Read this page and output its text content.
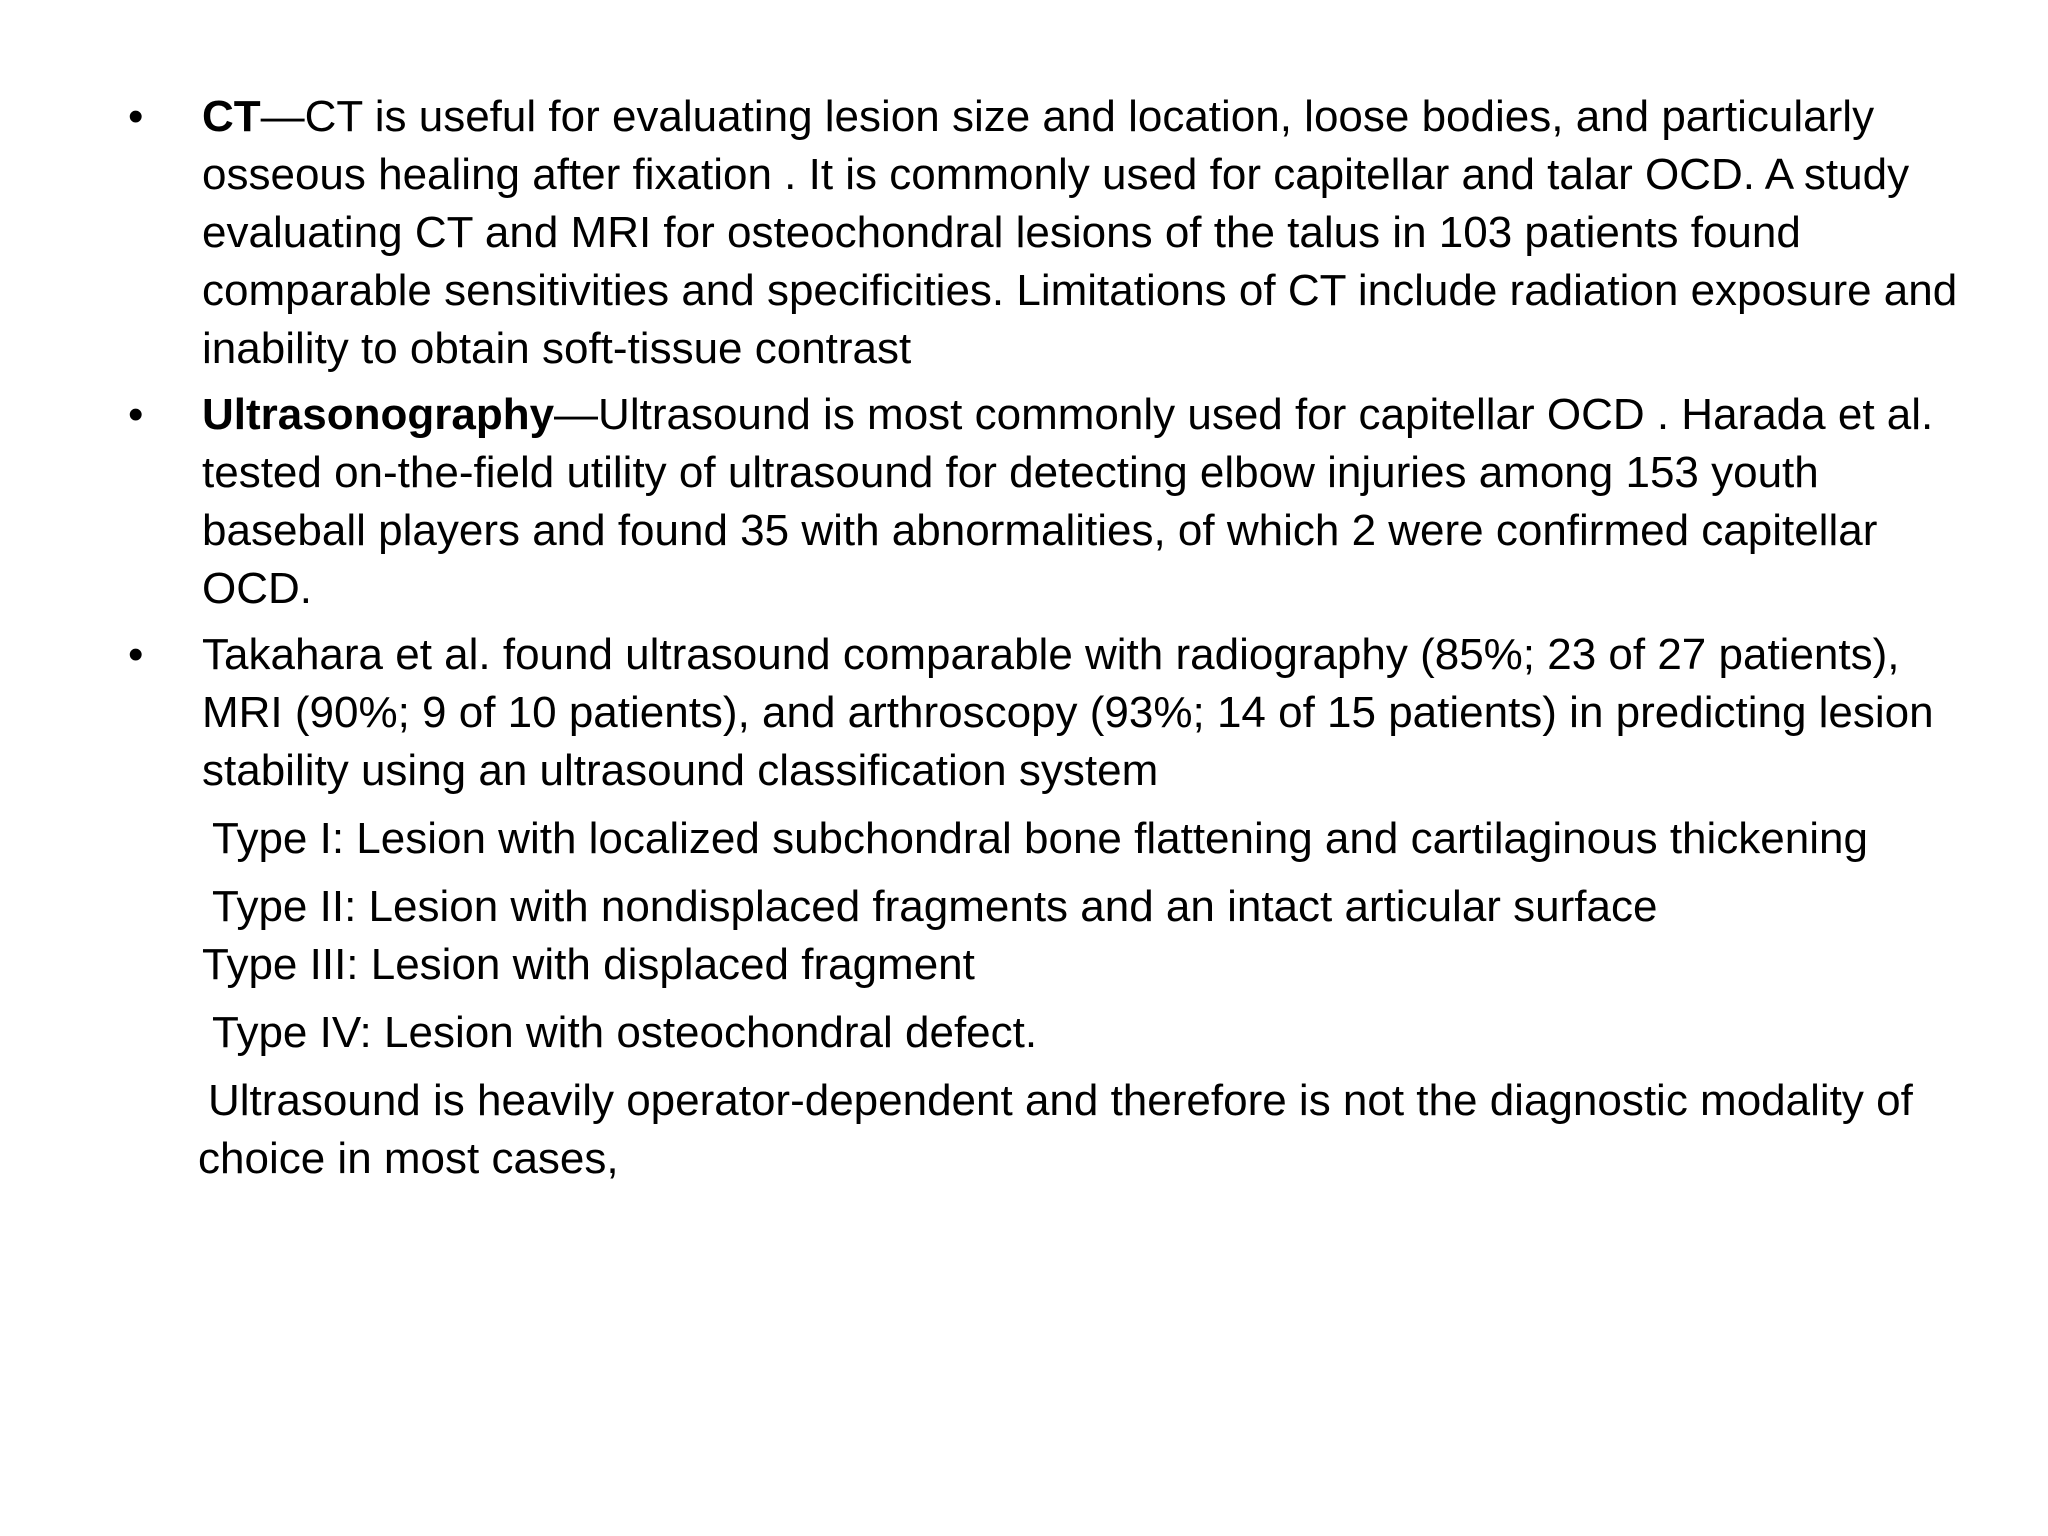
•	CT—CT is useful for evaluating lesion size and location, loose bodies, and particularly osseous healing after fixation . It is commonly used for capitellar and talar OCD. A study evaluating CT and MRI for osteochondral lesions of the talus in 103 patients found comparable sensitivities and specificities. Limitations of CT include radiation exposure and inability to obtain soft-tissue contrast
•	Ultrasonography—Ultrasound is most commonly used for capitellar OCD . Harada et al. tested on-the-field utility of ultrasound for detecting elbow injuries among 153 youth baseball players and found 35 with abnormalities, of which 2 were confirmed capitellar OCD.
•	Takahara et al. found ultrasound comparable with radiography (85%; 23 of 27 patients), MRI (90%; 9 of 10 patients), and arthroscopy (93%; 14 of 15 patients) in predicting lesion stability using an ultrasound classification system
Type I: Lesion with localized subchondral bone flattening and cartilaginous thickening
Type II: Lesion with nondisplaced fragments and an intact articular surface
Type III: Lesion with displaced fragment
Type IV: Lesion with osteochondral defect.
Ultrasound is heavily operator-dependent and therefore is not the diagnostic modality of choice in most cases,
